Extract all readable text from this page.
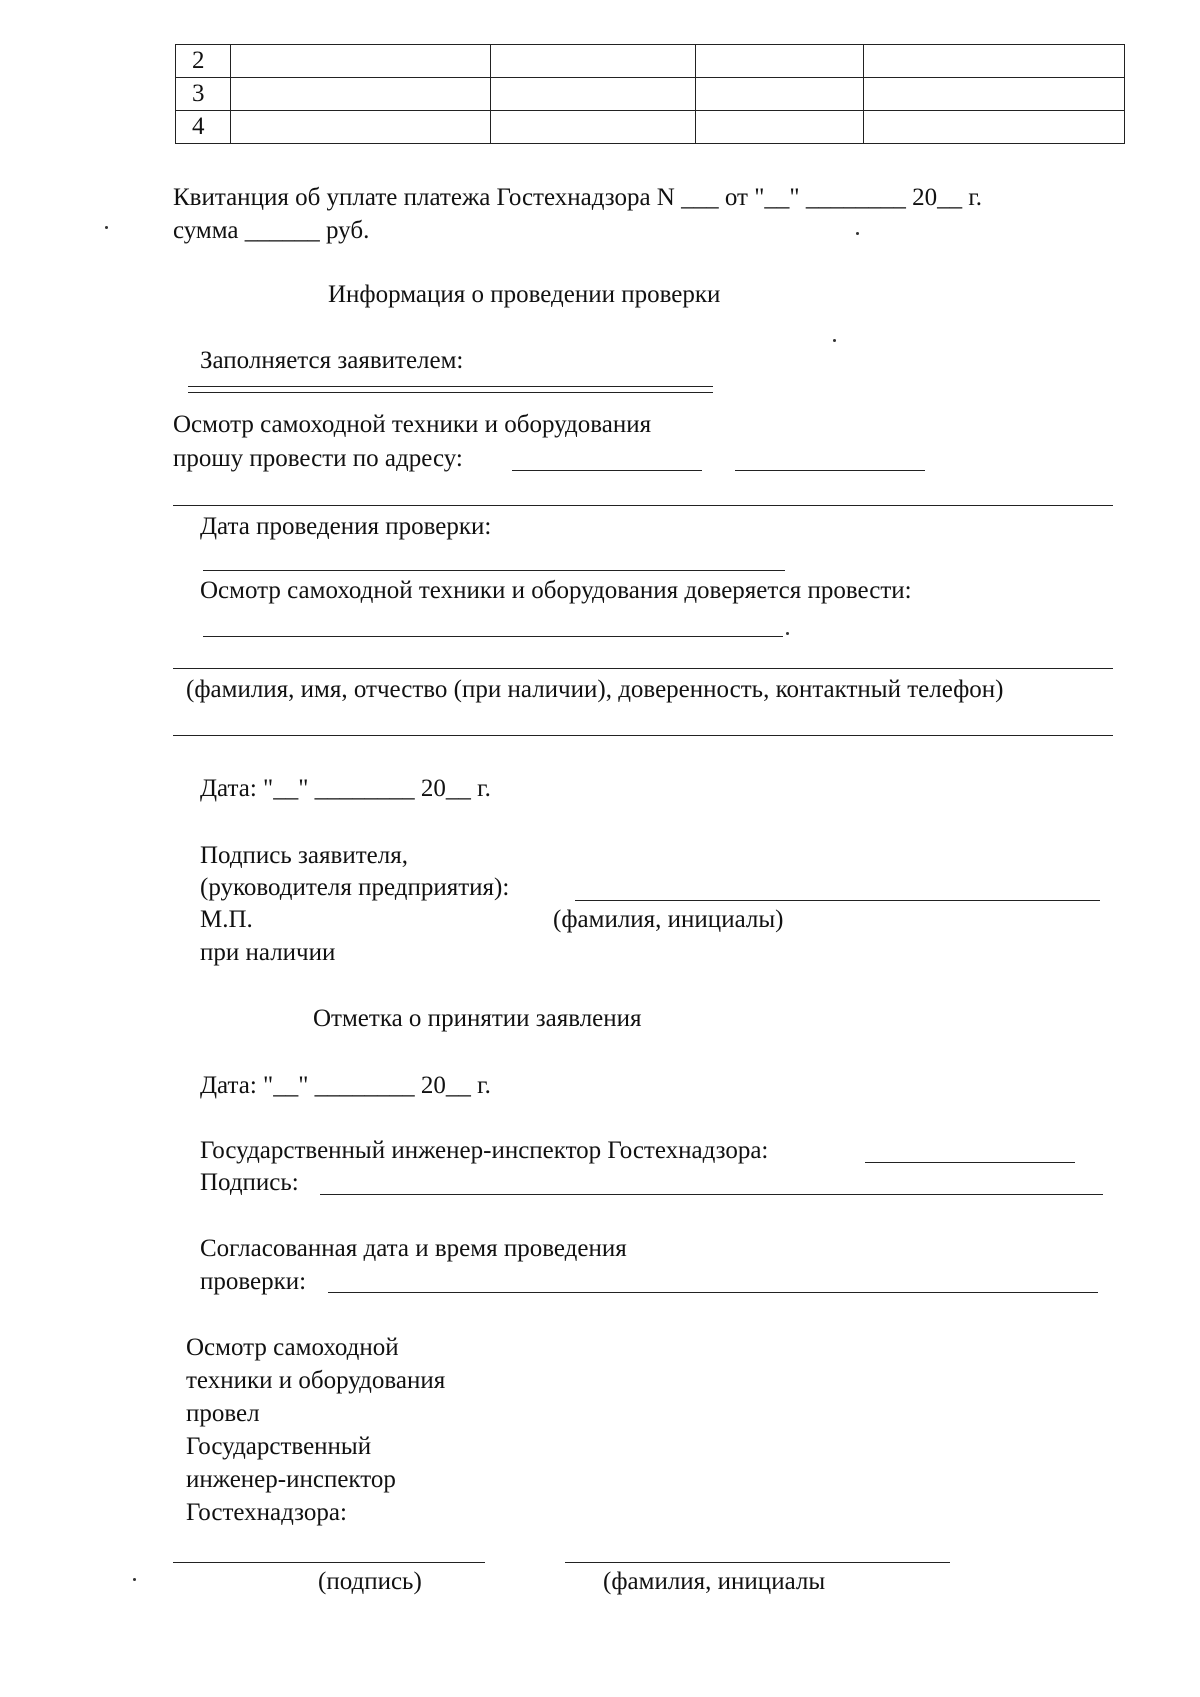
2				
3				
4				
Квитанция об уплате платежа Гостехнадзора N ___ от "__" ________ 20__ г.
сумма ______ руб.
Информация о проведении проверки
Заполняется заявителем:
Осмотр самоходной техники и оборудования
прошу провести по адресу:
Дата проведения проверки:
Осмотр самоходной техники и оборудования доверяется провести:
(фамилия, имя, отчество (при наличии), доверенность, контактный телефон)
Дата: "__" ________ 20__ г.
Подпись заявителя,
(руководителя предприятия):
М.П.	(фамилия, инициалы)
при наличии
Отметка о принятии заявления
Дата: "__" ________ 20__ г.
Государственный инженер-инспектор Гостехнадзора:
Подпись:
Согласованная дата и время проведения
проверки:
Осмотр самоходной
техники и оборудования
провел
Государственный
инженер-инспектор
Гостехнадзора:
(подпись)	(фамилия, инициалы
